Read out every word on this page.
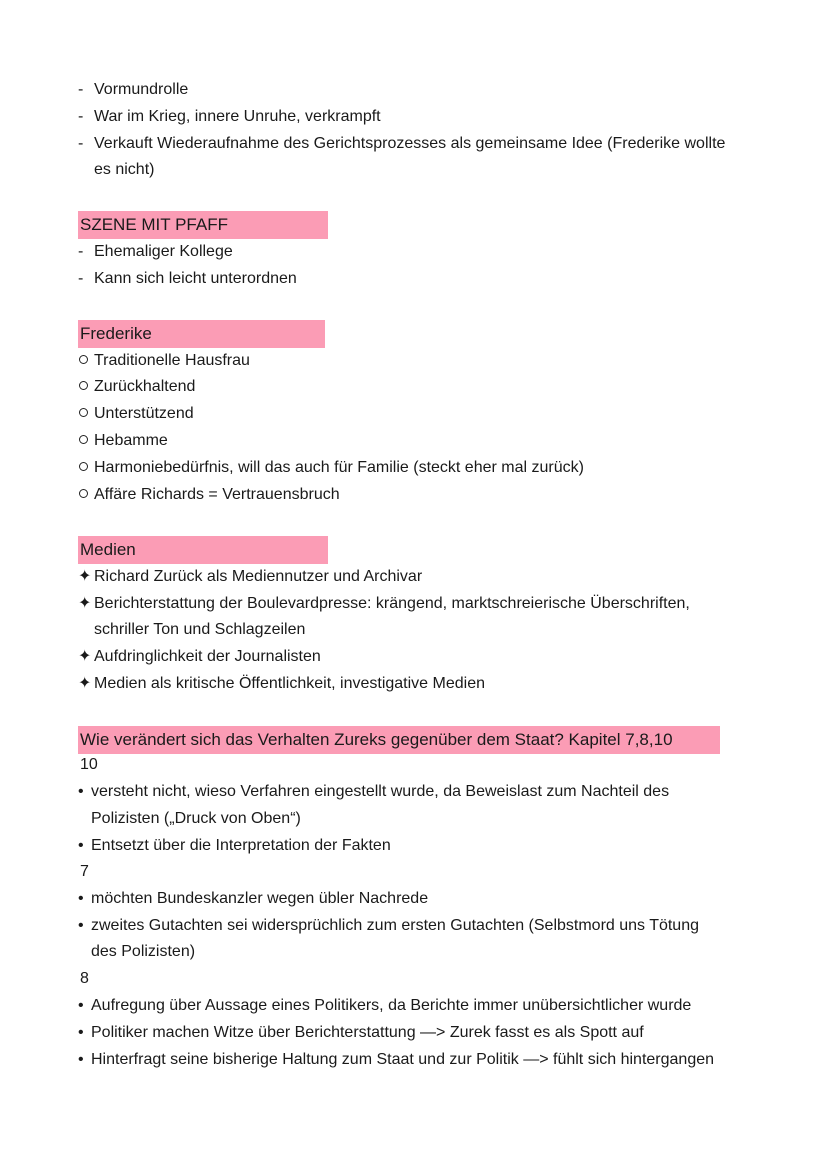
- Vormundrolle
- War im Krieg, innere Unruhe, verkrampft
- Verkauft Wiederaufnahme des Gerichtsprozesses als gemeinsame Idee (Frederike wollte
es nicht)
SZENE MIT PFAFF
- Ehemaliger Kollege
- Kann sich leicht unterordnen
Frederike
Traditionelle Hausfrau
Zurückhaltend
Unterstützend
Hebamme
Harmoniebedürfnis, will das auch für Familie (steckt eher mal zurück)
Affäre Richards = Vertrauensbruch
Medien
✦ Richard Zurück als Mediennutzer und Archivar
✦ Berichterstattung der Boulevardpresse: krängend, marktschreierische Überschriften,
schriller Ton und Schlagzeilen
✦ Aufdringlichkeit der Journalisten
✦ Medien als kritische Öffentlichkeit, investigative Medien
Wie verändert sich das Verhalten Zureks gegenüber dem Staat? Kapitel 7,8,10
10
• versteht nicht, wieso Verfahren eingestellt wurde, da Beweislast zum Nachteil des
Polizisten („Druck von Oben“)
• Entsetzt über die Interpretation der Fakten
7
• möchten Bundeskanzler wegen übler Nachrede
• zweites Gutachten sei widersprüchlich zum ersten Gutachten (Selbstmord uns Tötung
des Polizisten)
8
• Aufregung über Aussage eines Politikers, da Berichte immer unübersichtlicher wurde
• Politiker machen Witze über Berichterstattung —> Zurek fasst es als Spott auf
• Hinterfragt seine bisherige Haltung zum Staat und zur Politik —> fühlt sich hintergangen
